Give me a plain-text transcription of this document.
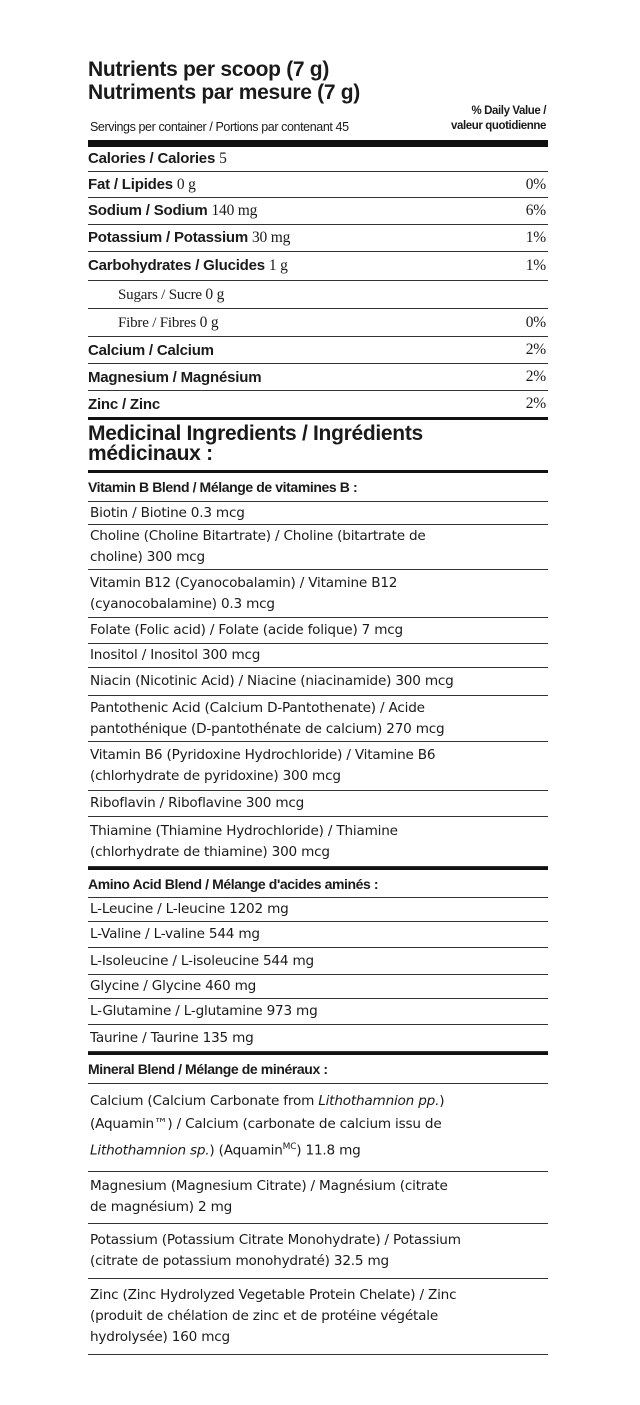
Nutrients per scoop (7 g)
Nutriments par mesure (7 g)
Servings per container / Portions par contenant 45
% Daily Value /
valeur quotidienne
Calories / Calories 5
Fat / Lipides 0 g	0%
Sodium / Sodium 140 mg	6%
Potassium / Potassium 30 mg	1%
Carbohydrates / Glucides 1 g	1%
Sugars / Sucre 0 g
Fibre / Fibres 0 g	0%
Calcium / Calcium	2%
Magnesium / Magnésium	2%
Zinc / Zinc	2%
Medicinal Ingredients / Ingrédients
médicinaux :
Vitamin B Blend / Mélange de vitamines B :
Biotin / Biotine 0.3 mcg
Choline (Choline Bitartrate) / Choline (bitartrate de
choline) 300 mcg
Vitamin B12 (Cyanocobalamin) / Vitamine B12
(cyanocobalamine) 0.3 mcg
Folate (Folic acid) / Folate (acide folique) 7 mcg
Inositol / Inositol 300 mcg
Niacin (Nicotinic Acid) / Niacine (niacinamide) 300 mcg
Pantothenic Acid (Calcium D-Pantothenate) / Acide
pantothénique (D-pantothénate de calcium) 270 mcg
Vitamin B6 (Pyridoxine Hydrochloride) / Vitamine B6
(chlorhydrate de pyridoxine) 300 mcg
Riboflavin / Riboflavine 300 mcg
Thiamine (Thiamine Hydrochloride) / Thiamine
(chlorhydrate de thiamine) 300 mcg
Amino Acid Blend / Mélange d'acides aminés :
L-Leucine / L-leucine 1202 mg
L-Valine / L-valine 544 mg
L-Isoleucine / L-isoleucine 544 mg
Glycine / Glycine 460 mg
L-Glutamine / L-glutamine 973 mg
Taurine / Taurine 135 mg
Mineral Blend / Mélange de minéraux :
Calcium (Calcium Carbonate from Lithothamnion pp.)
(Aquamin™) / Calcium (carbonate de calcium issu de
Lithothamnion sp.) (Aquamin$^{MC}$) 11.8 mg
Magnesium (Magnesium Citrate) / Magnésium (citrate
de magnésium) 2 mg
Potassium (Potassium Citrate Monohydrate) / Potassium
(citrate de potassium monohydraté) 32.5 mg
Zinc (Zinc Hydrolyzed Vegetable Protein Chelate) / Zinc
(produit de chélation de zinc et de protéine végétale
hydrolysée) 160 mcg
